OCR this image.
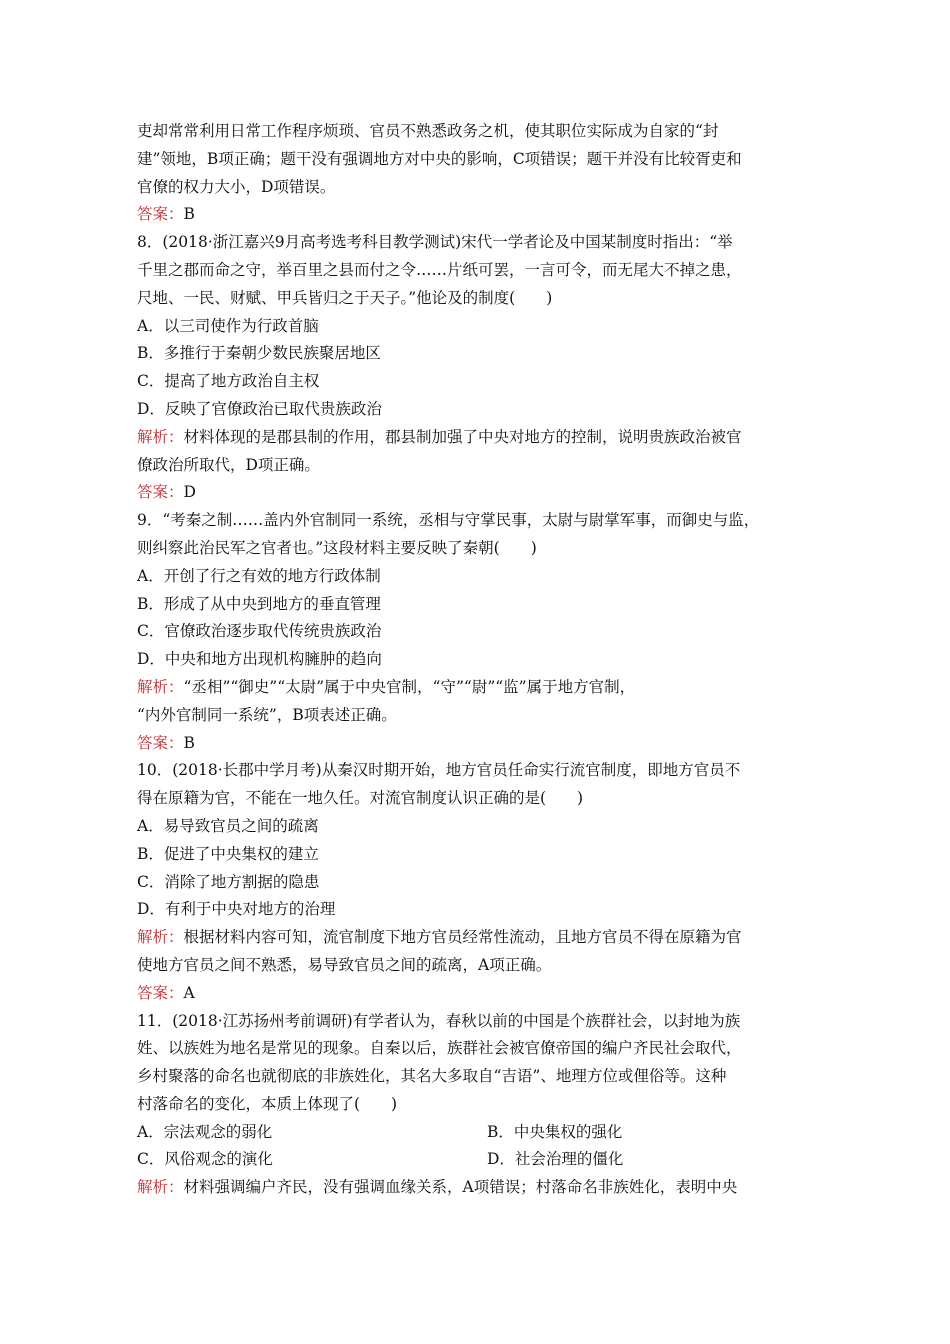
吏却常常利用日常工作程序烦琐、官员不熟悉政务之机，使其职位实际成为自家的“封
建”领地，B项正确；题干没有强调地方对中央的影响，C项错误；题干并没有比较胥吏和
官僚的权力大小，D项错误。
答案：B
8．(2018·浙江嘉兴9月高考选考科目教学测试)宋代一学者论及中国某制度时指出：“举
千里之郡而命之守，举百里之县而付之令……片纸可罢，一言可令，而无尾大不掉之患，
尺地、一民、财赋、甲兵皆归之于天子。”他论及的制度(　　)
A．以三司使作为行政首脑
B．多推行于秦朝少数民族聚居地区
C．提高了地方政治自主权
D．反映了官僚政治已取代贵族政治
解析：材料体现的是郡县制的作用，郡县制加强了中央对地方的控制，说明贵族政治被官
僚政治所取代，D项正确。
答案：D
9．“考秦之制……盖内外官制同一系统，丞相与守掌民事，太尉与尉掌军事，而御史与监，
则纠察此治民军之官者也。”这段材料主要反映了秦朝(　　)
A．开创了行之有效的地方行政体制
B．形成了从中央到地方的垂直管理
C．官僚政治逐步取代传统贵族政治
D．中央和地方出现机构臃肿的趋向
解析：“丞相”“御史”“太尉”属于中央官制，“守”“尉”“监”属于地方官制，
“内外官制同一系统”，B项表述正确。
答案：B
10．(2018·长郡中学月考)从秦汉时期开始，地方官员任命实行流官制度，即地方官员不
得在原籍为官，不能在一地久任。对流官制度认识正确的是(　　)
A．易导致官员之间的疏离
B．促进了中央集权的建立
C．消除了地方割据的隐患
D．有利于中央对地方的治理
解析：根据材料内容可知，流官制度下地方官员经常性流动，且地方官员不得在原籍为官
使地方官员之间不熟悉，易导致官员之间的疏离，A项正确。
答案：A
11．(2018·江苏扬州考前调研)有学者认为，春秋以前的中国是个族群社会，以封地为族
姓、以族姓为地名是常见的现象。自秦以后，族群社会被官僚帝国的编户齐民社会取代，
乡村聚落的命名也就彻底的非族姓化，其名大多取自“吉语”、地理方位或俚俗等。这种
村落命名的变化，本质上体现了(　　)
A．宗法观念的弱化	B．中央集权的强化
C．风俗观念的演化	D．社会治理的僵化
解析：材料强调编户齐民，没有强调血缘关系，A项错误；村落命名非族姓化，表明中央
